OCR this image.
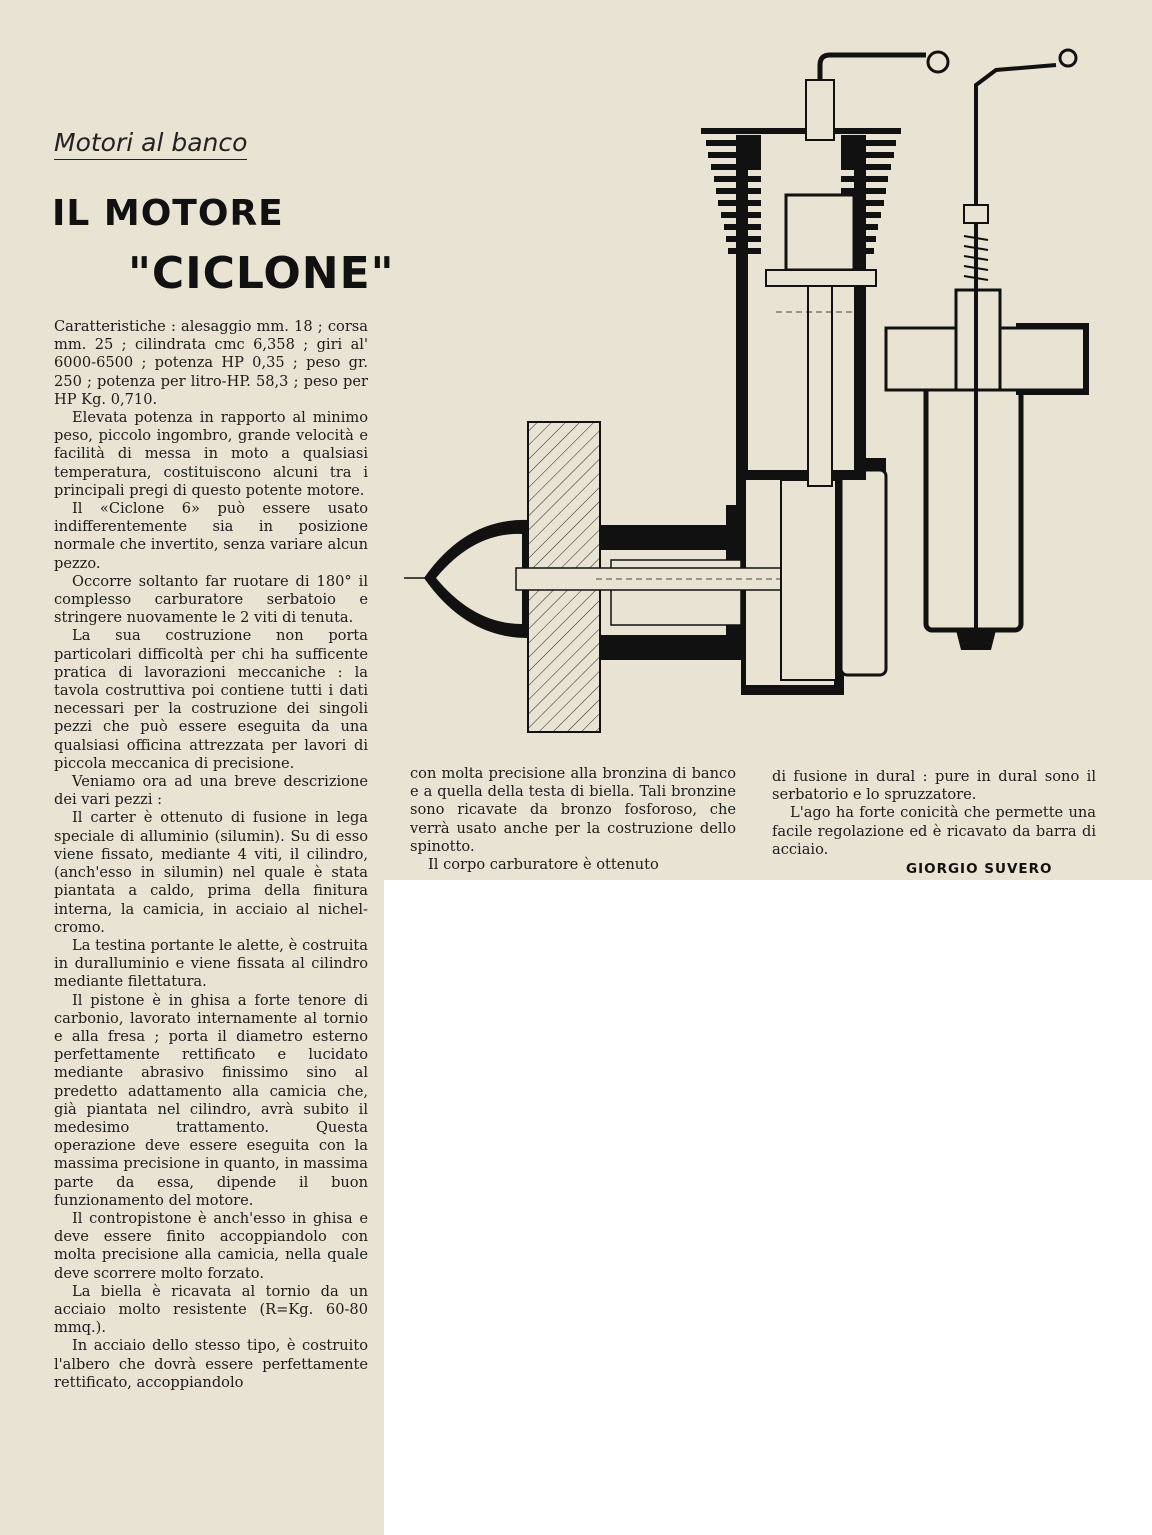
Motori al banco
IL MOTORE
"CICLONE"

Caratteristiche : alesaggio mm. 18 ; corsa mm. 25 ; cilindrata cmc 6,358 ; giri al' 6000-6500 ; potenza HP 0,35 ; peso gr. 250 ; potenza per litro-HP. 58,3 ; peso per HP Kg. 0,710.

Elevata potenza in rapporto al minimo peso, piccolo ingombro, grande velocità e facilità di messa in moto a qualsiasi temperatura, costituiscono alcuni tra i principali pregi di questo potente motore.

Il «Ciclone 6» può essere usato indifferentemente sia in posizione normale che invertito, senza variare alcun pezzo.

Occorre soltanto far ruotare di 180° il complesso carburatore serbatoio e stringere nuovamente le 2 viti di tenuta.

La sua costruzione non porta particolari difficoltà per chi ha sufficente pratica di lavorazioni meccaniche : la tavola costruttiva poi contiene tutti i dati necessari per la costruzione dei singoli pezzi che può essere eseguita da una qualsiasi officina attrezzata per lavori di piccola meccanica di precisione.

Veniamo ora ad una breve descrizione dei vari pezzi :

Il carter è ottenuto di fusione in lega speciale di alluminio (silumin). Su di esso viene fissato, mediante 4 viti, il cilindro, (anch'esso in silumin) nel quale è stata piantata a caldo, prima della finitura interna, la camicia, in acciaio al nichel-cromo.

La testina portante le alette, è costruita in duralluminio e viene fissata al cilindro mediante filettatura.

Il pistone è in ghisa a forte tenore di carbonio, lavorato internamente al tornio e alla fresa ; porta il diametro esterno perfettamente rettificato e lucidato mediante abrasivo finissimo sino al predetto adattamento alla camicia che, già piantata nel cilindro, avrà subito il medesimo trattamento. Questa operazione deve essere eseguita con la massima precisione in quanto, in massima parte da essa, dipende il buon funzionamento del motore.

Il contropistone è anch'esso in ghisa e deve essere finito accoppiandolo con molta precisione alla camicia, nella quale deve scorrere molto forzato.

La biella è ricavata al tornio da un acciaio molto resistente (R=Kg. 60-80 mmq.).

In acciaio dello stesso tipo, è costruito l'albero che dovrà essere perfettamente rettificato, accoppiandolo

con molta precisione alla bronzina di banco e a quella della testa di biella. Tali bronzine sono ricavate da bronzo fosforoso, che verrà usato anche per la costruzione dello spinotto.

Il corpo carburatore è ottenuto

di fusione in dural : pure in dural sono il serbatorio e lo spruzzatore.

L'ago ha forte conicità che permette una facile regolazione ed è ricavato da barra di acciaio.

GIORGIO SUVERO
